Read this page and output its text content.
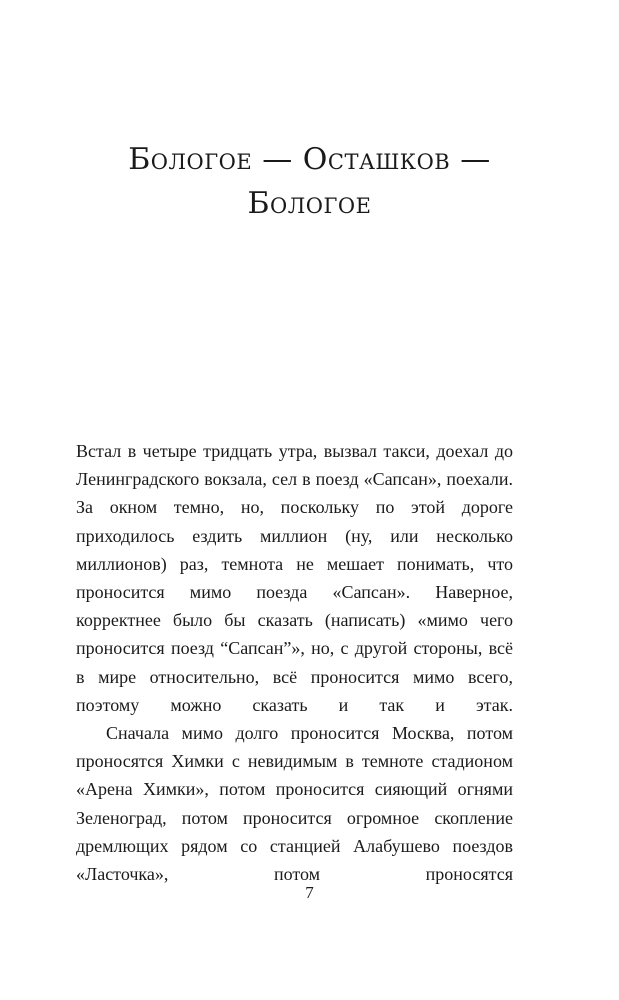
Бологое — Осташков —
Бологое

Встал в четыре тридцать утра, вызвал такси, доехал до Ленинградского вокзала, сел в поезд «Сапсан», поехали. За окном темно, но, поскольку по этой дороге приходилось ездить миллион (ну, или несколько миллионов) раз, темнота не мешает понимать, что проносится мимо поезда «Сапсан». Наверное, корректнее было бы сказать (написать) «мимо чего проносится поезд “Сапсан”», но, с другой стороны, всё в мире относительно, всё проносится мимо всего, поэтому можно сказать и так и этак.

Сначала мимо долго проносится Москва, потом проносятся Химки с невидимым в темноте стадионом «Арена Химки», потом проносится сияющий огнями Зеленоград, потом проносится огромное скопление дремлющих рядом со станцией Алабушево поездов «Ласточка», потом проносятся

7
